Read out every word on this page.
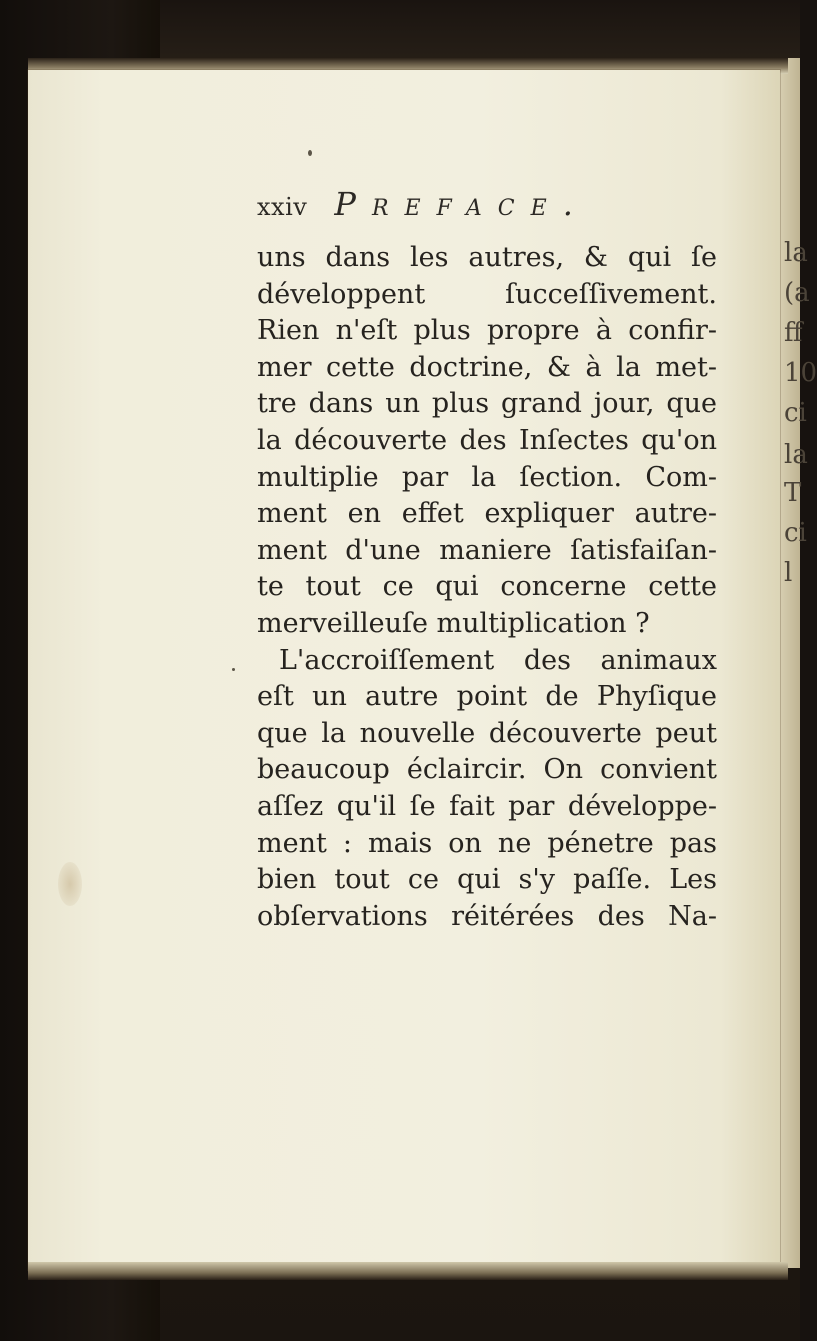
la
(a
ff
10
ci
la
T
ci
l
xxiv Preface.
uns dans les autres, & qui ſe
développent ſucceſſivement.
Rien n'eſt plus propre à confir-
mer cette doctrine, & à la met-
tre dans un plus grand jour, que
la découverte des Inſectes qu'on
multiplie par la ſection. Com-
ment en effet expliquer autre-
ment d'une maniere ſatisfaiſan-
te tout ce qui concerne cette
merveilleuſe multiplication ?
L'accroiſſement des animaux
eſt un autre point de Phyſique
que la nouvelle découverte peut
beaucoup éclaircir. On convient
aſſez qu'il ſe fait par développe-
ment : mais on ne pénetre pas
bien tout ce qui s'y paſſe. Les
obſervations réitérées des Na-
